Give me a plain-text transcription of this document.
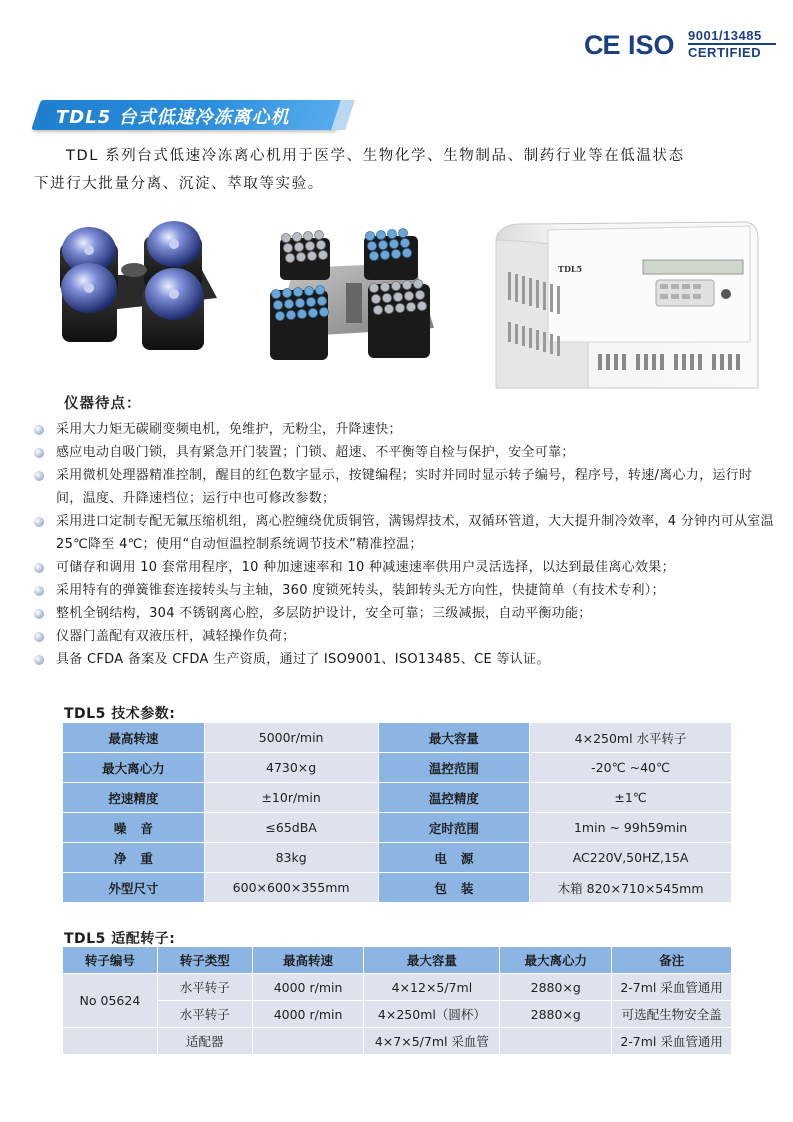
CE ISO 9001/13485
CERTIFIED
TDL5 台式低速冷冻离心机
TDL 系列台式低速冷冻离心机用于医学、生物化学、生物制品、制药行业等在低温状态
下进行大批量分离、沉淀、萃取等实验。
TDL5
仪器待点：
采用大力矩无碳刷变频电机，免维护，无粉尘，升降速快；
感应电动自吸门锁，具有紧急开门装置；门锁、超速、不平衡等自检与保护，安全可靠；
采用微机处理器精准控制，醒目的红色数字显示，按键编程；实时并同时显示转子编号，程序号，转速/离心力，运行时间，温度、升降速档位；运行中也可修改参数；
采用进口定制专配无氟压缩机组，离心腔缠绕优质铜管，满锡焊技术，双循环管道，大大提升制冷效率，4 分钟内可从室温 25℃降至 4℃；使用“自动恒温控制系统调节技术”精准控温；
可储存和调用 10 套常用程序，10 种加速速率和 10 种减速速率供用户灵活选择，以达到最佳离心效果；
采用特有的弹簧锥套连接转头与主轴，360 度锁死转头，装卸转头无方向性，快捷简单（有技术专利）；
整机全钢结构，304 不锈钢离心腔，多层防护设计，安全可靠；三级减振，自动平衡功能；
仪器门盖配有双液压杆，减轻操作负荷；
具备 CFDA 备案及 CFDA 生产资质，通过了 ISO9001、ISO13485、CE 等认证。
TDL5 技术参数:
最高转速	5000r/min	最大容量	4×250ml 水平转子
最大离心力	4730×g	温控范围	-20℃ ~40℃
控速精度	±10r/min	温控精度	±1℃
噪音	≤65dBA	定时范围	1min ~ 99h59min
净重	83kg	电源	AC220V,50HZ,15A
外型尺寸	600×600×355mm	包装	木箱 820×710×545mm
TDL5 适配转子:
转子编号	转子类型	最高转速	最大容量	最大离心力	备注
No 05624	水平转子	4000 r/min	4×12×5/7ml	2880×g	2-7ml 采血管通用
	水平转子	4000 r/min	4×250ml（圆杯）	2880×g	可选配生物安全盖
	适配器		4×7×5/7ml 采血管		2-7ml 采血管通用
